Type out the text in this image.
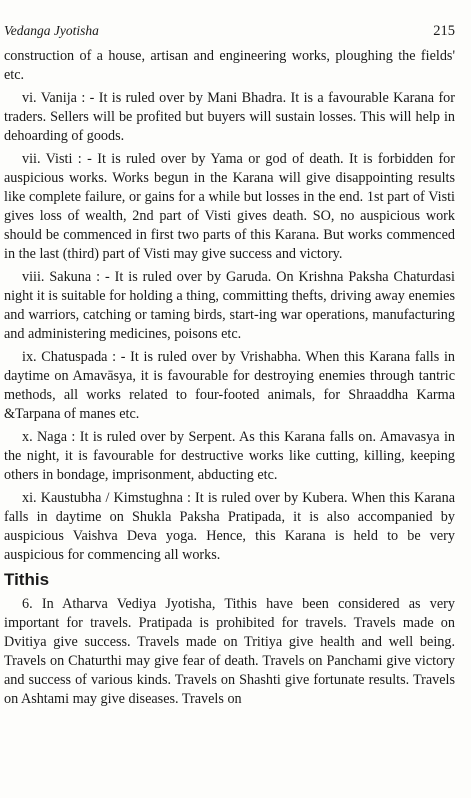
Vedanga Jyotisha	215

construction of a house, artisan and engineering works, ploughing the fields' etc.

vi. Vanija : - It is ruled over by Mani Bhadra. It is a favourable Karana for traders. Sellers will be profited but buyers will sustain losses. This will help in dehoarding of goods.

vii. Visti : - It is ruled over by Yama or god of death. It is forbidden for auspicious works. Works begun in the Karana will give disappointing results like complete failure, or gains for a while but losses in the end. 1st part of Visti gives loss of wealth, 2nd part of Visti gives death. SO, no auspicious work should be commenced in first two parts of this Karana. But works commenced in the last (third) part of Visti may give success and victory.

viii. Sakuna : - It is ruled over by Garuda. On Krishna Paksha Chaturdasi night it is suitable for holding a thing, committing thefts, driving away enemies and warriors, catching or taming birds, start-ing war operations, manufacturing and administering medicines, poisons etc.

ix. Chatuspada : - It is ruled over by Vrishabha. When this Karana falls in daytime on Amavāsya, it is favourable for destroying enemies through tantric methods, all works related to four-footed animals, for Shraaddha Karma &Tarpana of manes etc.

x. Naga : It is ruled over by Serpent. As this Karana falls on. Amavasya in the night, it is favourable for destructive works like cutting, killing, keeping others in bondage, imprisonment, abducting etc.

xi. Kaustubha / Kimstughna : It is ruled over by Kubera. When this Karana falls in daytime on Shukla Paksha Pratipada, it is also accompanied by auspicious Vaishva Deva yoga. Hence, this Karana is held to be very auspicious for commencing all works.

Tithis

6. In Atharva Vediya Jyotisha, Tithis have been considered as very important for travels. Pratipada is prohibited for travels. Travels made on Dvitiya give success. Travels made on Tritiya give health and well being. Travels on Chaturthi may give fear of death. Travels on Panchami give victory and success of various kinds. Travels on Shashti give fortunate results. Travels on Ashtami may give diseases. Travels on
